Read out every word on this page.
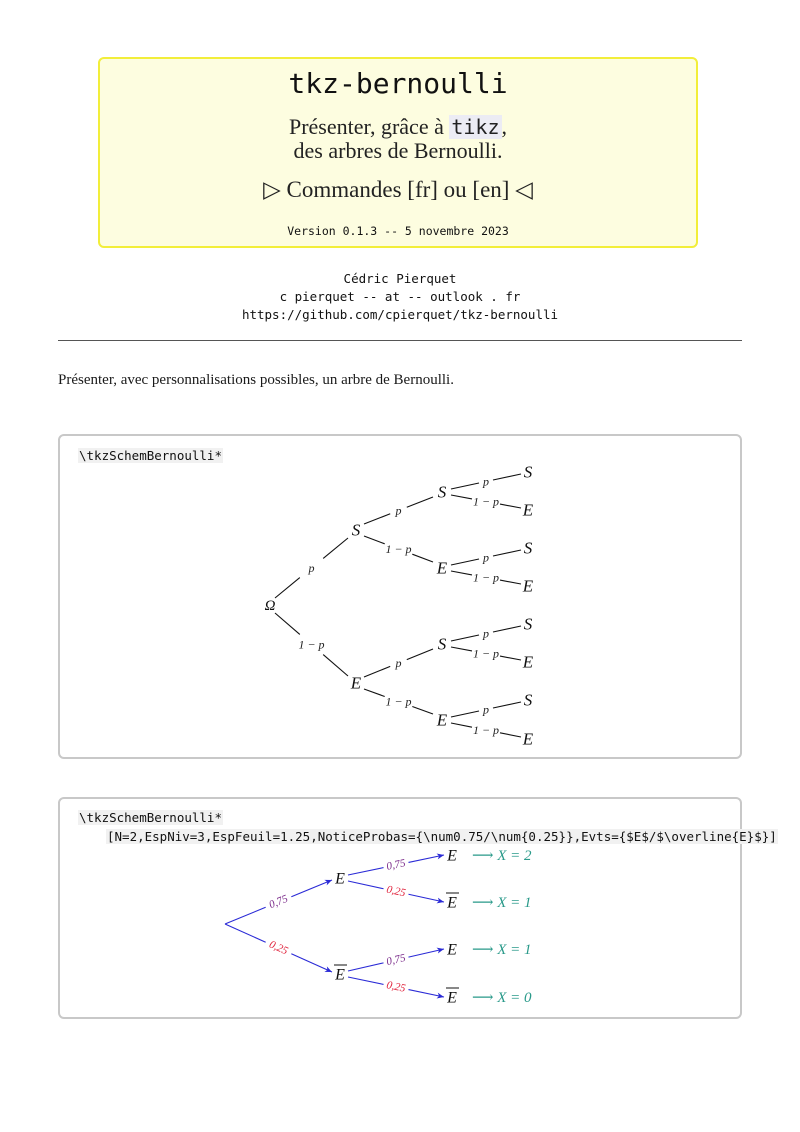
tkz-bernoulli
Présenter, grâce à tikz,
des arbres de Bernoulli.
▷ Commandes [fr] ou [en] ◁
Version 0.1.3 -- 5 novembre 2023
Cédric Pierquet
c pierquet -- at -- outlook . fr
https://github.com/cpierquet/tkz-bernoulli
Présenter, avec personnalisations possibles, un arbre de Bernoulli.
\tkzSchemBernoulli*
\tkzSchemBernoulli*
[N=2,EspNiv=3,EspFeuil=1.25,NoticeProbas={\num0.75/\num{0.25}},Evts={$E$/$\overline{E}$}]
p
1 − p
p
1 − p
p
1 − p
p
1 − p
p
1 − p
p
1 − p
p
1 − p
Ω
S
E
S
E
S
E
S
E
S
E
S
E
S
E
0,75
0,25
0,75
0,25
0,75
0,25
E
E
E ⟶ X = 2
E ⟶ X = 1
E ⟶ X = 1
E ⟶ X = 0
